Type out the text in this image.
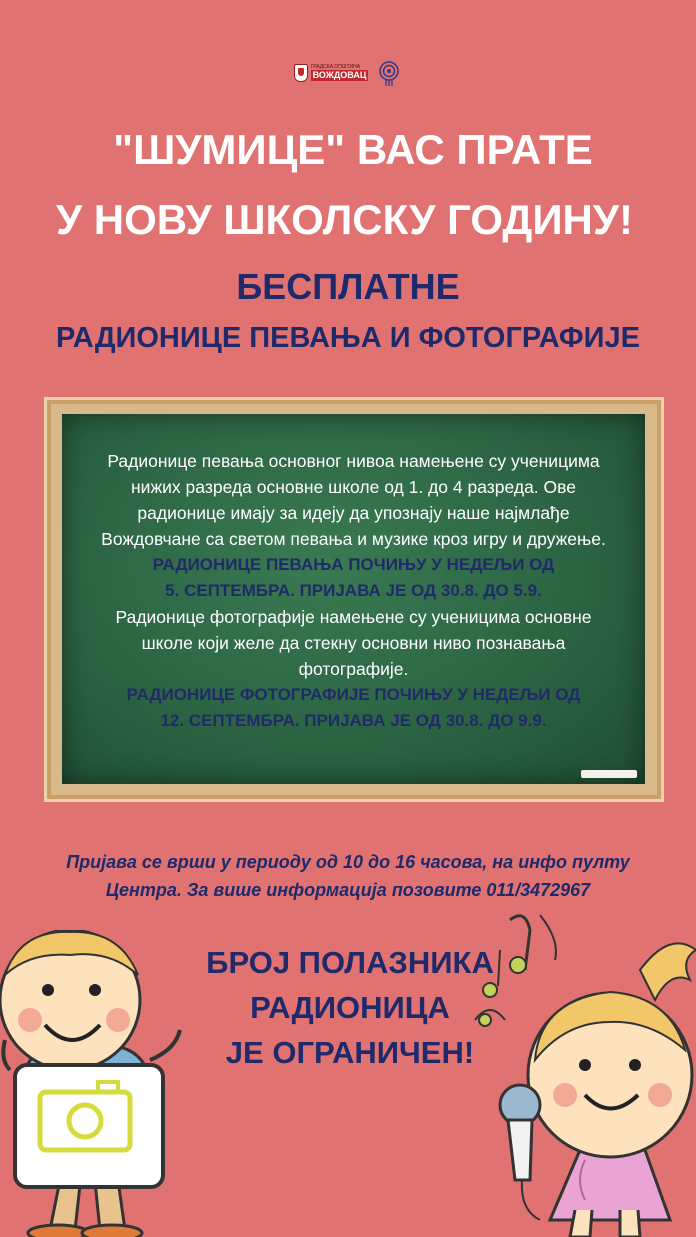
ГРАДСКА ОПШТИНА
ВОЖДОВАЦ
"ШУМИЦЕ" ВАС ПРАТЕ
У НОВУ ШКОЛСКУ ГОДИНУ!
БЕСПЛАТНЕ
РАДИОНИЦЕ ПЕВАЊА И ФОТОГРАФИЈЕ

Радионице певања основног нивоа намењене су ученицима нижих разреда основне школе од 1. до 4 разреда. Ове радионице имају за идеју да упознају наше најмлађе Вождовчане са светом певања и музике кроз игру и дружење.

РАДИОНИЦЕ ПЕВАЊА ПОЧИЊУ У НЕДЕЉИ ОД

5. СЕПТЕМБРА. ПРИЈАВА ЈЕ ОД 30.8. ДО 5.9.

Радионице фотографије намењене су ученицима основне школе који желе да стекну основни ниво познавања фотографије.

РАДИОНИЦЕ ФОТОГРАФИЈЕ ПОЧИЊУ У НЕДЕЉИ ОД

12. СЕПТЕМБРА. ПРИЈАВА ЈЕ ОД 30.8. ДО 9.9.

Пријава се врши у периоду од 10 до 16 часова, на инфо пулту

Центра. За више информација позовите 011/3472967

БРОЈ ПОЛАЗНИКА

РАДИОНИЦА

ЈЕ ОГРАНИЧЕН!
